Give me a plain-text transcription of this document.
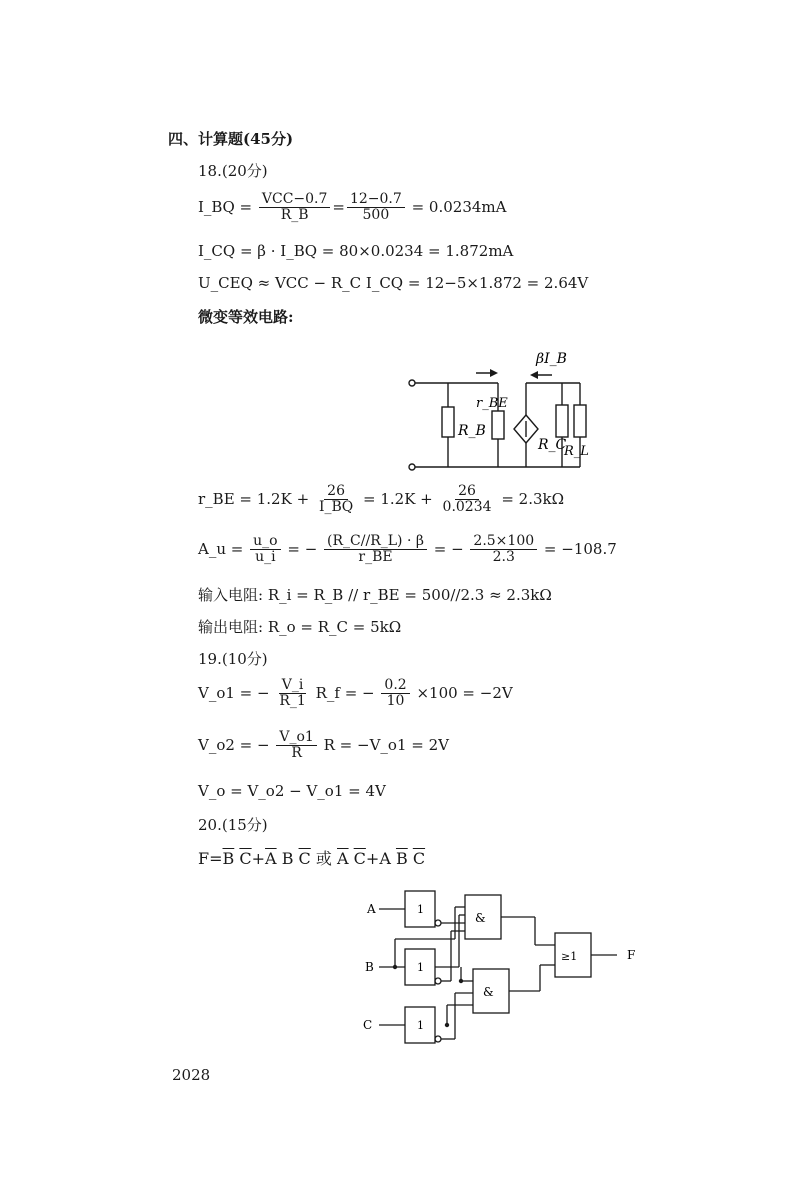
四、计算题(45分)
18.(20分)
I_BQ = $\frac{\text{VCC−0.7}}{R\_B} = \frac{12-0.7}{500} = 0.0234mA$
I_CQ = β · I_BQ = 80×0.0234 = 1.872mA
U_CEQ ≈ VCC − R_C I_CQ = 12−5×1.872 = 2.64V
微变等效电路:
βI_B
r_BE
R_B
R_C
R_L
r_BE = $1.2K + \frac{26}{I\_BQ} = 1.2K + \frac{26}{0.0234} = 2.3k\Omega$
A_u = $\frac{u\_o}{u\_i}$ = − $\frac{(R\_C//R\_L) \cdot \beta}{r\_BE}$ = − $\frac{2.5\times 100}{2.3} = -108.7$
输入电阻: R_i = R_B // r_BE = 500//2.3 ≈ 2.3kΩ
输出电阻: R_o = R_C = 5kΩ
19.(10分)
V_o1 = − $\frac{V\_i}{R\_1}$ R_f = − $\frac{0.2}{10} \times 100 = -2V$
V_o2 = − $\frac{V\_o1}{R}$ R = −V_o1 = 2V
V_o = V_o2 − V_o1 = 4V
20.(15分)
$F=\overline{B}$ $\overline{C}+\overline{A}$ B $\overline{C}$ 或 $\overline{A}$ $\overline{C}+A$ $\overline{B}$ $\overline{C}$
A
B
C
1
1
1
&
&
≥1	F
2028
